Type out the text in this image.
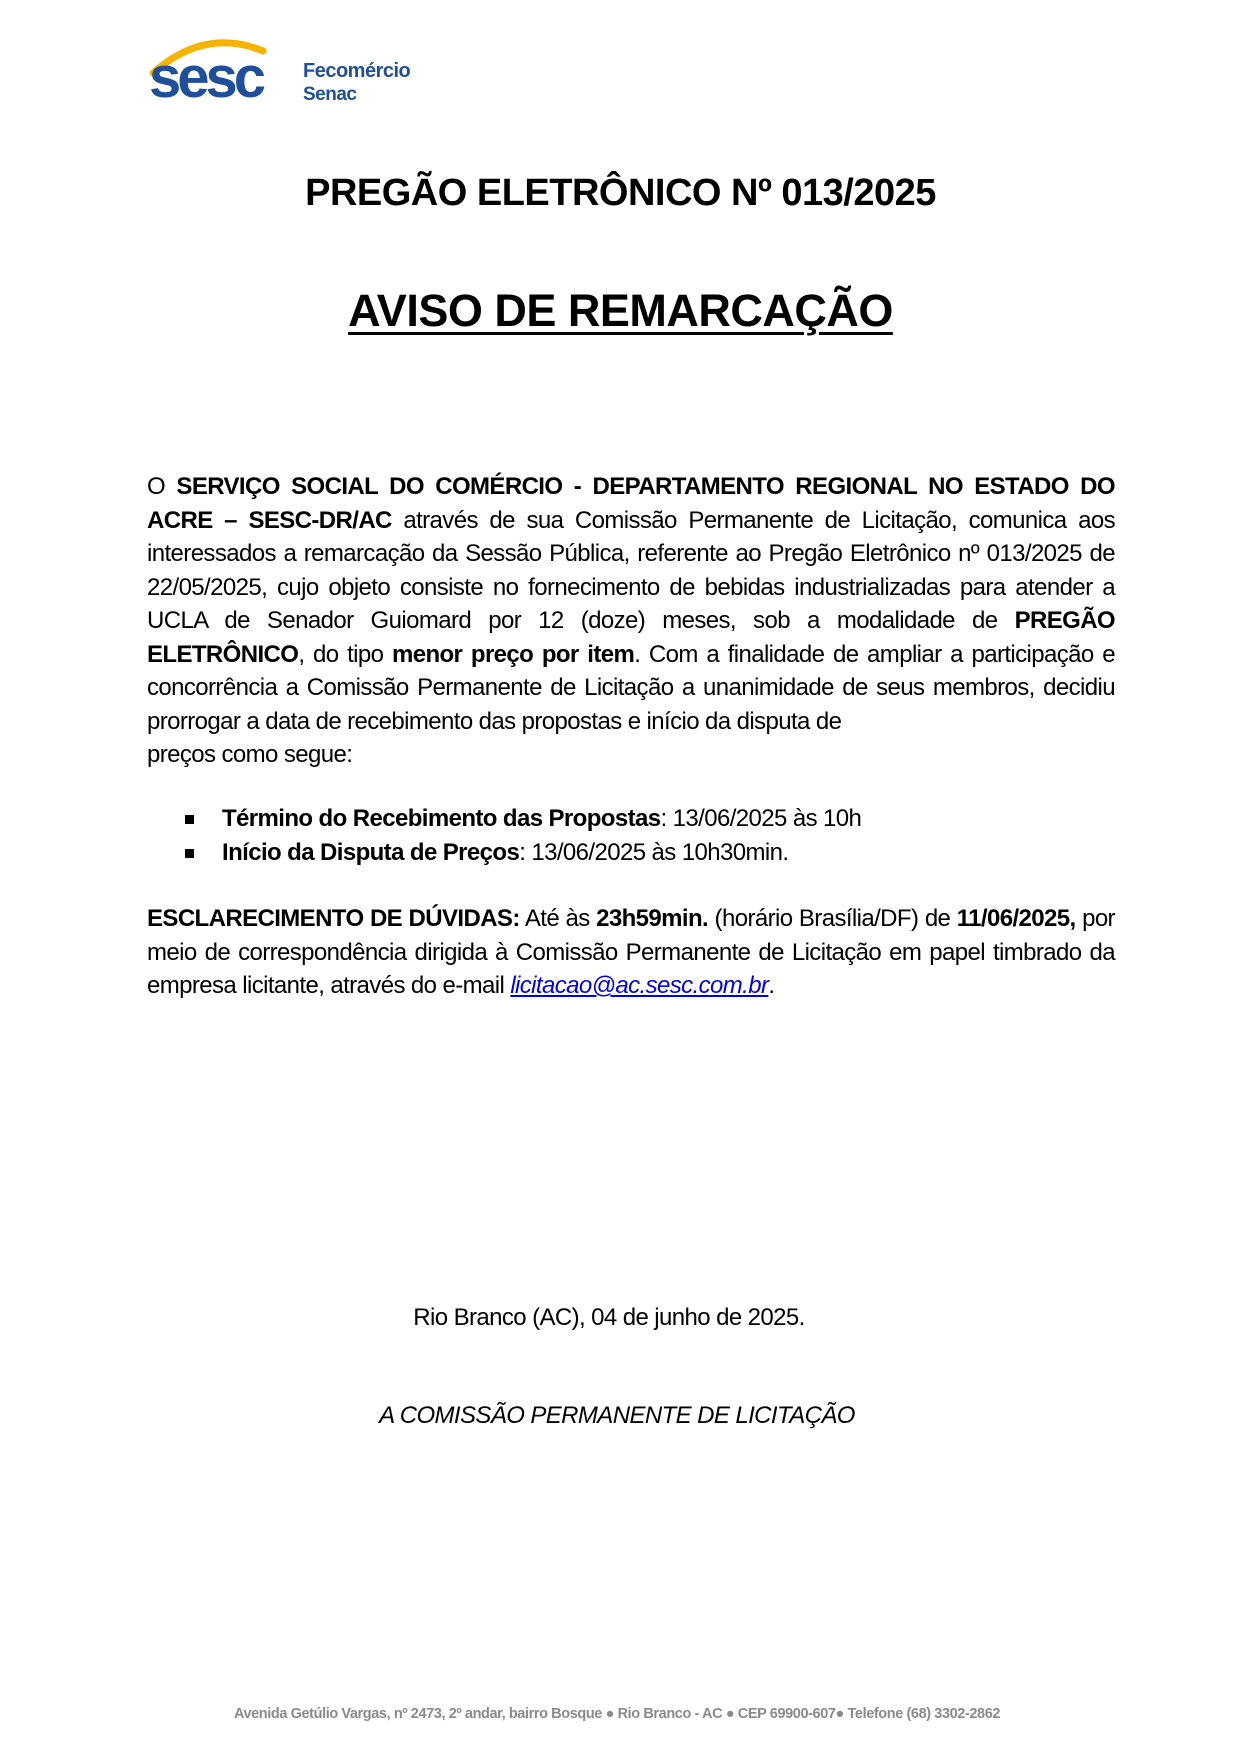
sesc Fecomércio
Senac
PREGÃO ELETRÔNICO Nº 013/2025
AVISO DE REMARCAÇÃO
O SERVIÇO SOCIAL DO COMÉRCIO - DEPARTAMENTO REGIONAL NO ESTADO DO ACRE – SESC-DR/AC através de sua Comissão Permanente de Licitação, comunica aos interessados a remarcação da Sessão Pública, referente ao Pregão Eletrônico nº 013/2025 de 22/05/2025, cujo objeto consiste no fornecimento de bebidas industrializadas para atender a UCLA de Senador Guiomard por 12 (doze) meses, sob a modalidade de PREGÃO ELETRÔNICO, do tipo menor preço por item. Com a finalidade de ampliar a participação e concorrência a Comissão Permanente de Licitação a unanimidade de seus membros, decidiu prorrogar a data de recebimento das propostas e início da disputa de
preços como segue:
Término do Recebimento das Propostas: 13/06/2025 às 10h
Início da Disputa de Preços: 13/06/2025 às 10h30min.
ESCLARECIMENTO DE DÚVIDAS: Até às 23h59min. (horário Brasília/DF) de 11/06/2025, por meio de correspondência dirigida à Comissão Permanente de Licitação em papel timbrado da empresa licitante, através do e-mail licitacao@ac.sesc.com.br.
Rio Branco (AC), 04 de junho de 2025.
A COMISSÃO PERMANENTE DE LICITAÇÃO
Avenida Getúlio Vargas, nº 2473, 2º andar, bairro Bosque ● Rio Branco - AC ● CEP 69900-607● Telefone (68) 3302-2862
